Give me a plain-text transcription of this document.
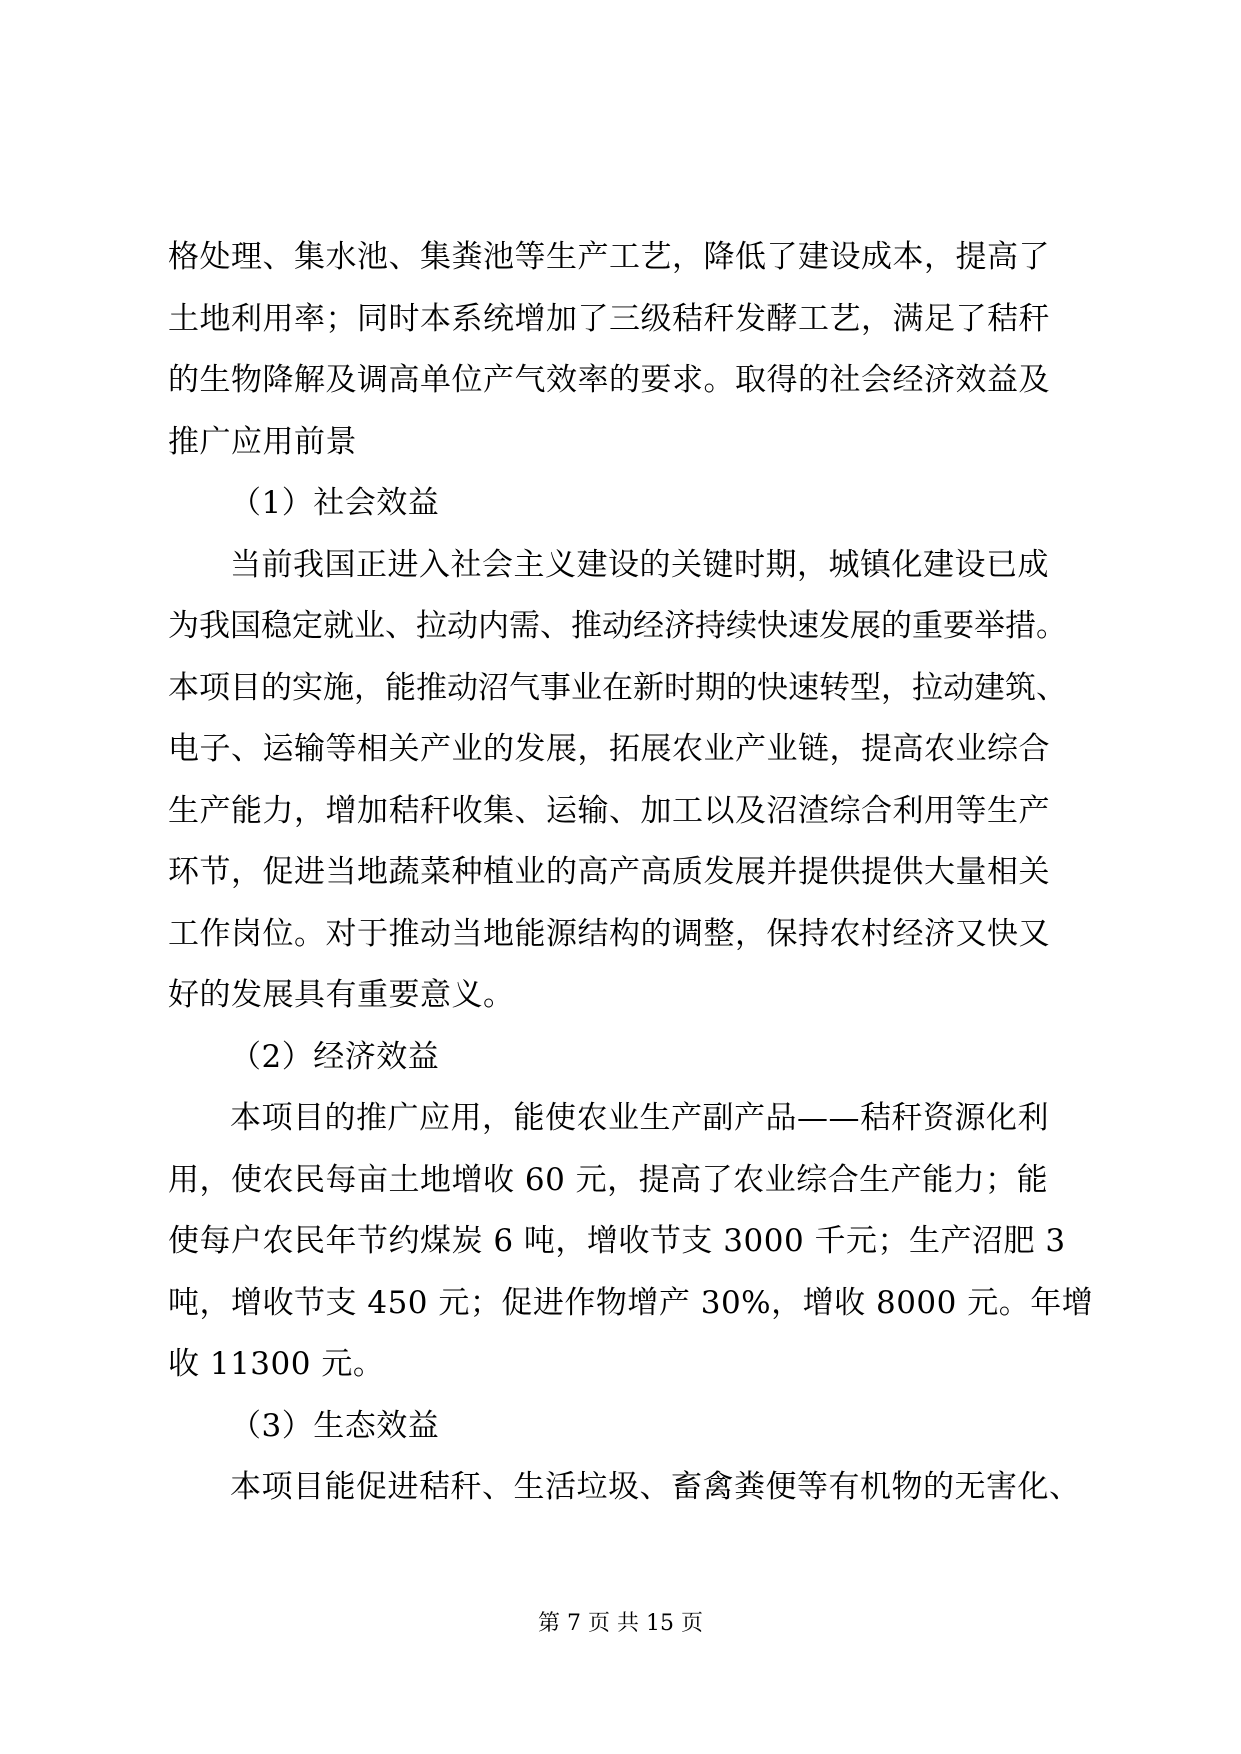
格处理、集水池、集粪池等生产工艺，降低了建设成本，提高了
土地利用率；同时本系统增加了三级秸秆发酵工艺，满足了秸秆
的生物降解及调高单位产气效率的要求。取得的社会经济效益及
推广应用前景
（1）社会效益
当前我国正进入社会主义建设的关键时期，城镇化建设已成
为我国稳定就业、拉动内需、推动经济持续快速发展的重要举措。
本项目的实施，能推动沼气事业在新时期的快速转型，拉动建筑、
电子、运输等相关产业的发展，拓展农业产业链，提高农业综合
生产能力，增加秸秆收集、运输、加工以及沼渣综合利用等生产
环节，促进当地蔬菜种植业的高产高质发展并提供提供大量相关
工作岗位。对于推动当地能源结构的调整，保持农村经济又快又
好的发展具有重要意义。
（2）经济效益
本项目的推广应用，能使农业生产副产品——秸秆资源化利
用，使农民每亩土地增收 60 元，提高了农业综合生产能力；能
使每户农民年节约煤炭 6 吨，增收节支 3000 千元；生产沼肥 3
吨，增收节支 450 元；促进作物增产 30%，增收 8000 元。年增
收 11300 元。
（3）生态效益
本项目能促进秸秆、生活垃圾、畜禽粪便等有机物的无害化、
第 7 页 共 15 页
